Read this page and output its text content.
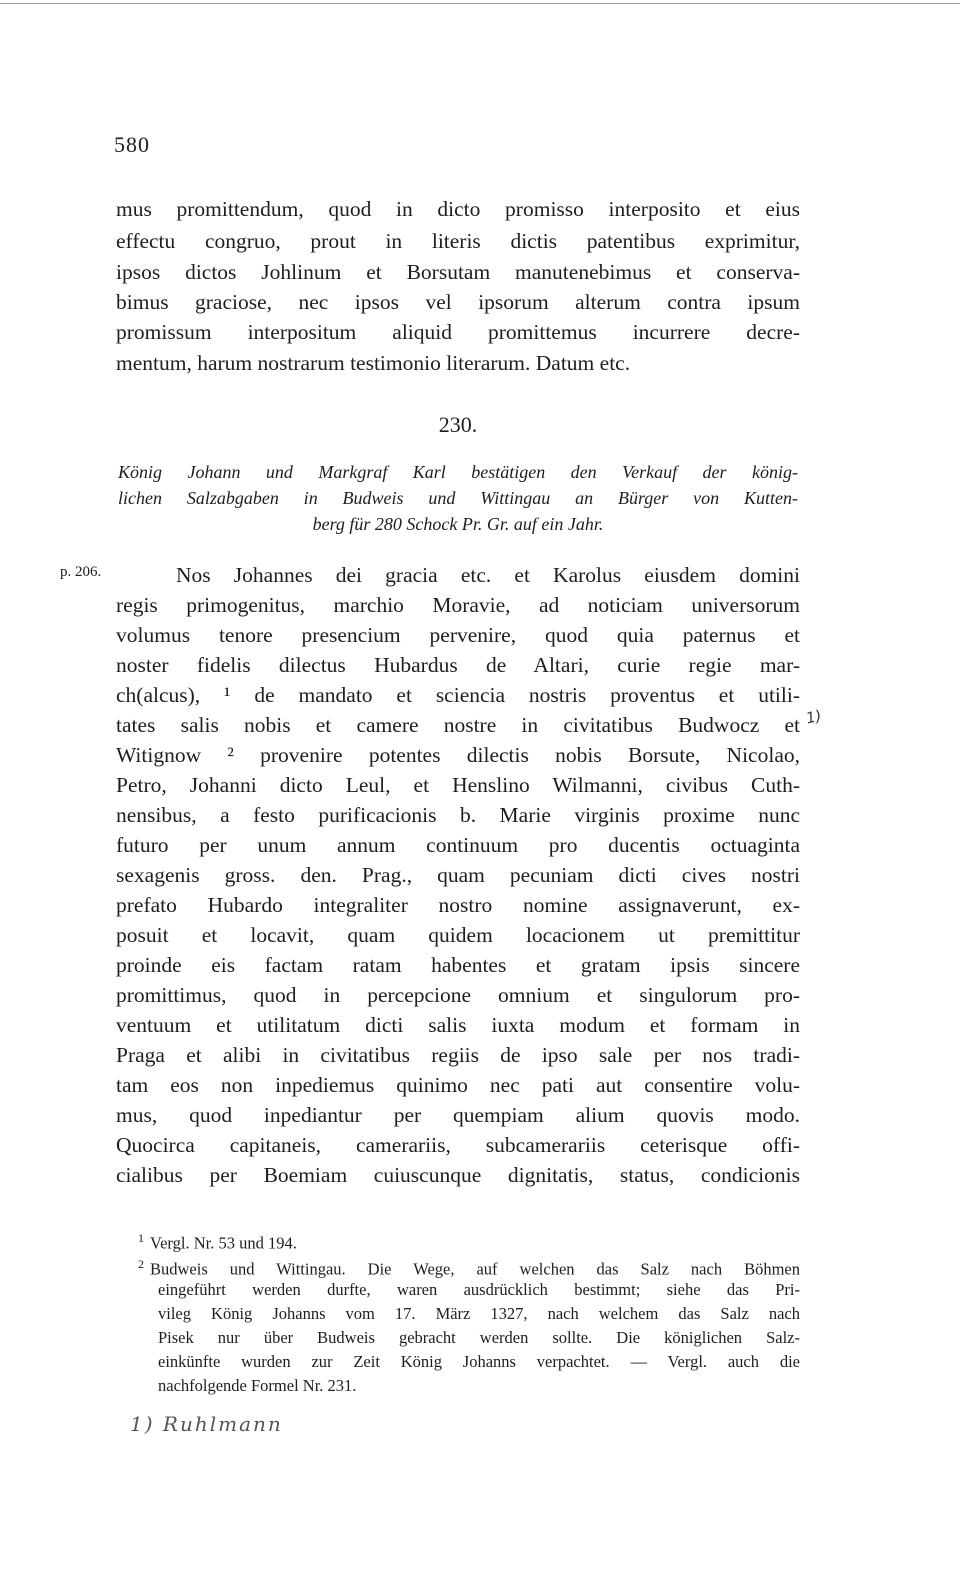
580
mus promittendum, quod in dicto promisso interposito et eius
effectu congruo, prout in literis dictis patentibus exprimitur,
ipsos dictos Johlinum et Borsutam manutenebimus et conserva-
bimus graciose, nec ipsos vel ipsorum alterum contra ipsum
promissum interpositum aliquid promittemus incurrere decre-
mentum, harum nostrarum testimonio literarum. Datum etc.
230.
König Johann und Markgraf Karl bestätigen den Verkauf der könig-
lichen Salzabgaben in Budweis und Wittingau an Bürger von Kutten-
berg für 280 Schock Pr. Gr. auf ein Jahr.
p. 206.	Nos Johannes dei gracia etc. et Karolus eiusdem domini
regis primogenitus, marchio Moravie, ad noticiam universorum
volumus tenore presencium pervenire, quod quia paternus et
noster fidelis dilectus Hubardus de Altari, curie regie mar-
ch(alcus), ¹ de mandato et sciencia nostris proventus et utili-
tates salis nobis et camere nostre in civitatibus Budwocz et
Witignow ² provenire potentes dilectis nobis Borsute, Nicolao,
Petro, Johanni dicto Leul, et Henslino Wilmanni, civibus Cuth-
nensibus, a festo purificacionis b. Marie virginis proxime nunc
futuro per unum annum continuum pro ducentis octuaginta
sexagenis gross. den. Prag., quam pecuniam dicti cives nostri
prefato Hubardo integraliter nostro nomine assignaverunt, ex-
posuit et locavit, quam quidem locacionem ut premittitur
proinde eis factam ratam habentes et gratam ipsis sincere
promittimus, quod in percepcione omnium et singulorum pro-
ventuum et utilitatum dicti salis iuxta modum et formam in
Praga et alibi in civitatibus regiis de ipso sale per nos tradi-
tam eos non inpediemus quinimo nec pati aut consentire volu-
mus, quod inpediantur per quempiam alium quovis modo.
Quocirca capitaneis, camerariis, subcamerariis ceterisque offi-
cialibus per Boemiam cuiuscunque dignitatis, status, condicionis
1)
$^1$ Vergl. Nr. 53 und 194.
$^2$ Budweis und Wittingau. Die Wege, auf welchen das Salz nach Böhmen
eingeführt werden durfte, waren ausdrücklich bestimmt; siehe das Pri-
vileg König Johanns vom 17. März 1327, nach welchem das Salz nach
Pisek nur über Budweis gebracht werden sollte. Die königlichen Salz-
einkünfte wurden zur Zeit König Johanns verpachtet. — Vergl. auch die
nachfolgende Formel Nr. 231.
1) Ruhlmann
